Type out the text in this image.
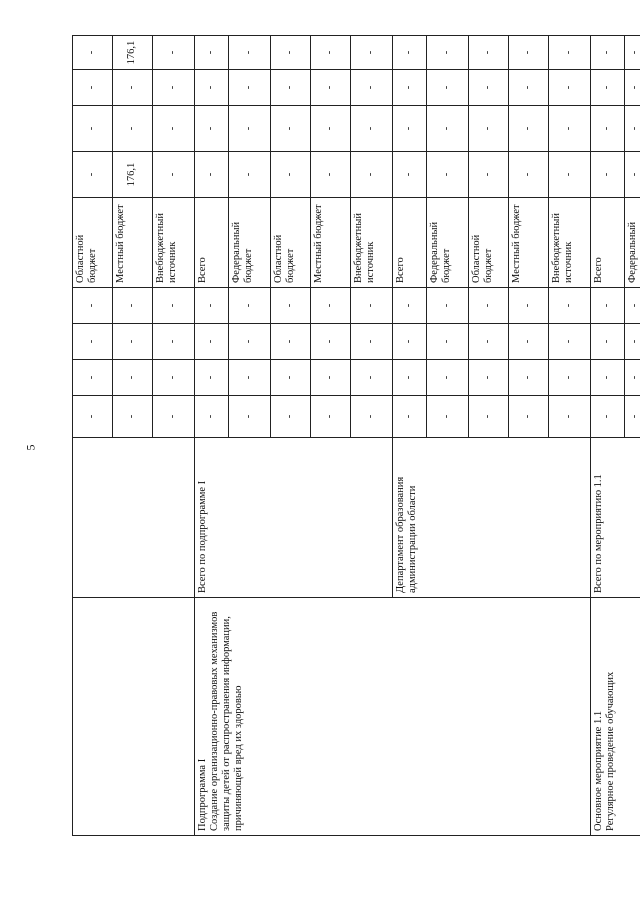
5
		-	-	-	-	Областной бюджет	-	-	-	-
		-	-	-	-	Местный бюджет	176,1	-	-	176,1
		-	-	-	-	Внебюджетный источник	-	-	-	-

Подпрограмма I Создание организационно-правовых механизмов защиты детей от распространения информации, причиняющей вред их здоровью	Всего по подпрограмме I	-	-	-	-	Всего	-	-	-	-
		-	-	-	-	Федеральный бюджет	-	-	-	-
		-	-	-	-	Областной бюджет	-	-	-	-
		-	-	-	-	Местный бюджет	-	-	-	-
		-	-	-	-	Внебюджетный источник	-	-	-	-
	Департамент образования администрации области	-	-	-	-	Всего	-	-	-	-
		-	-	-	-	Федеральный бюджет	-	-	-	-
		-	-	-	-	Областной бюджет	-	-	-	-
		-	-	-	-	Местный бюджет	-	-	-	-
		-	-	-	-	Внебюджетный источник	-	-	-	-

Основное мероприятие 1.1 Регулярное проведение обучающих	Всего по мероприятию 1.1	-	-	-	-	Всего	-	-	-	-
		-	-	-	-	Федеральный	-	-	-	-
